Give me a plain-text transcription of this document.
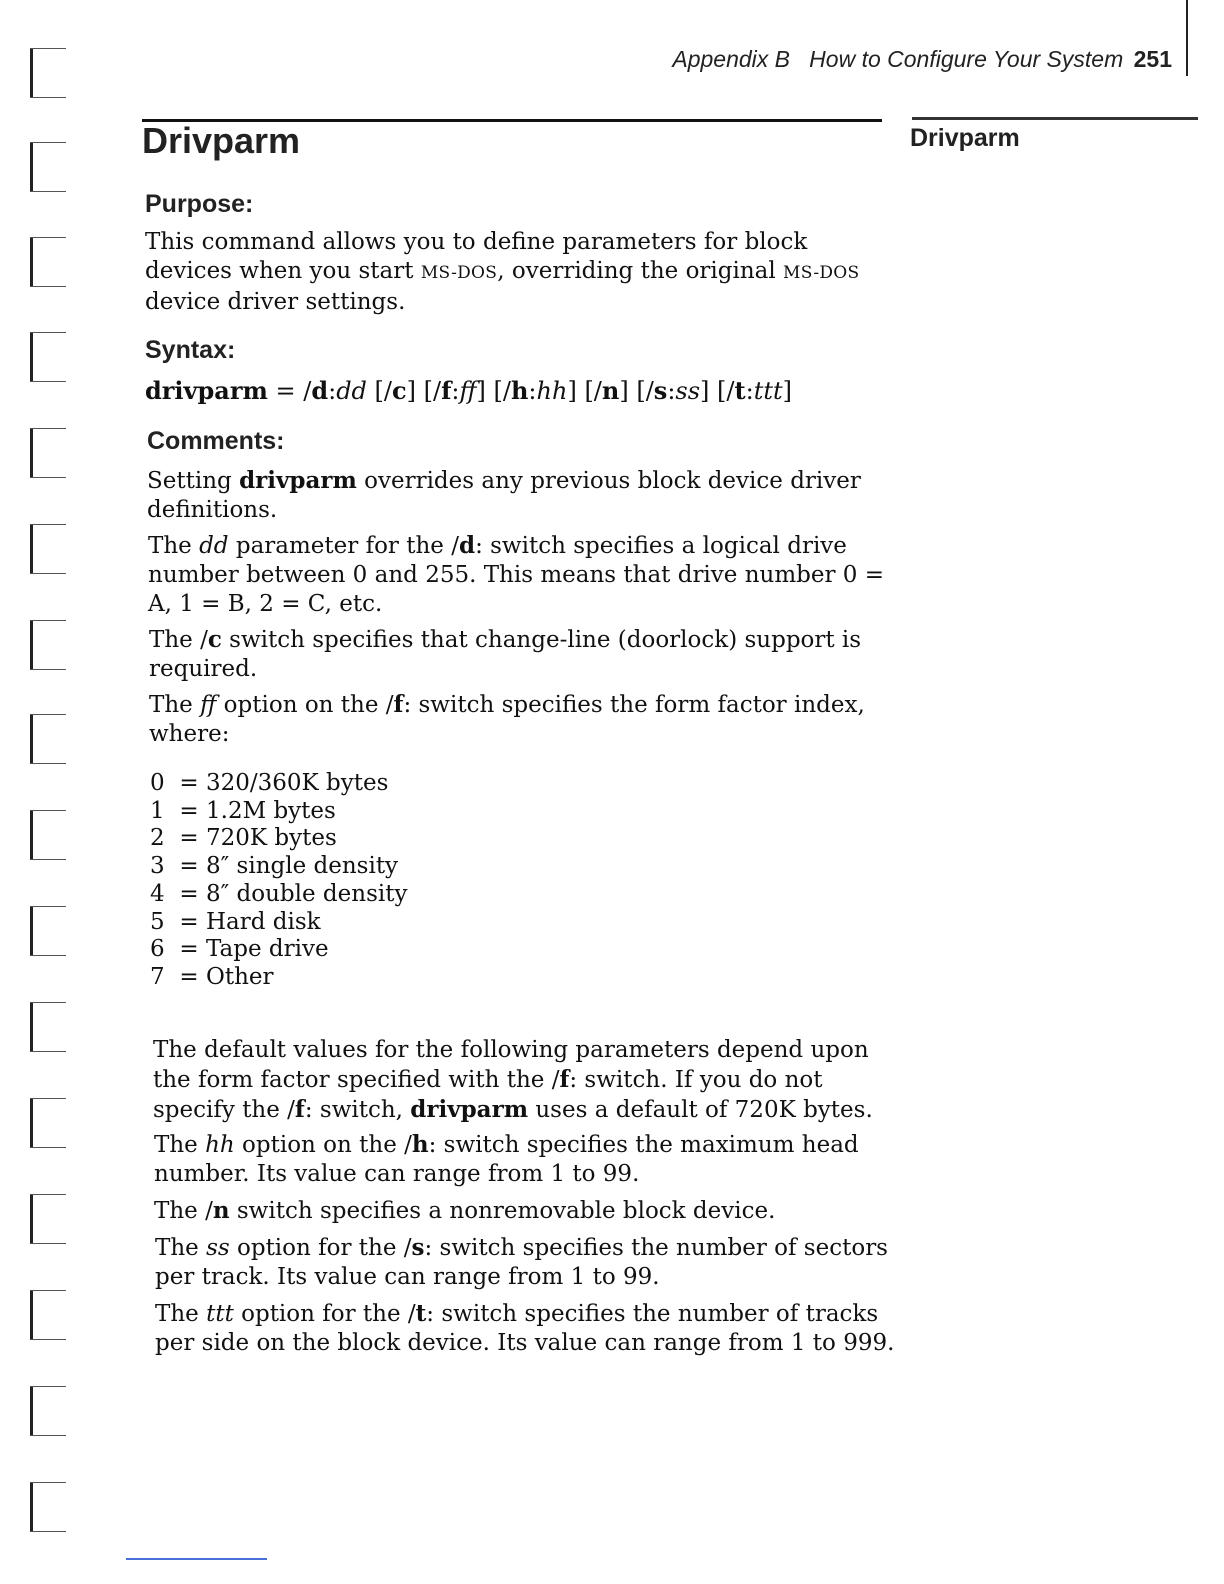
Appendix B   How to Configure Your System 251
Drivparm	Drivparm
Purpose:

This command allows you to define parameters for block devices when you start MS-DOS, overriding the original MS-DOS device driver settings.

Syntax:
drivparm = /d:dd [/c] [/f:ff] [/h:hh] [/n] [/s:ss] [/t:ttt]
Comments:

Setting drivparm overrides any previous block device driver definitions.

The dd parameter for the /d: switch specifies a logical drive number between 0 and 255. This means that drive number 0 = A, 1 = B, 2 = C, etc.

The /c switch specifies that change-line (doorlock) support is required.

The ff option on the /f: switch specifies the form factor index, where:

0 = 320/360K bytes
1 = 1.2M bytes
2 = 720K bytes
3 = 8″ single density
4 = 8″ double density
5 = Hard disk
6 = Tape drive
7 = Other

The default values for the following parameters depend upon the form factor specified with the /f: switch. If you do not specify the /f: switch, drivparm uses a default of 720K bytes.

The hh option on the /h: switch specifies the maximum head number. Its value can range from 1 to 99.

The /n switch specifies a nonremovable block device.

The ss option for the /s: switch specifies the number of sectors per track. Its value can range from 1 to 99.

The ttt option for the /t: switch specifies the number of tracks per side on the block device. Its value can range from 1 to 999.
